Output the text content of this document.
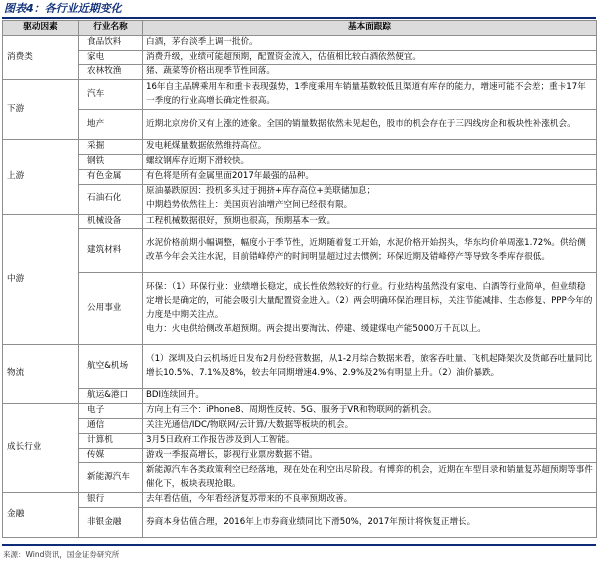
图表4：各行业近期变化
驱动因素	行业名称	基本面跟踪
消费类	食品饮料	白酒，茅台淡季上调一批价。

	家电	消费升级，业绩可能超预期，配置资金流入，估值相比较白酒依然便宜。

	农林牧渔	猪、蔬菜等价格出现季节性回落。

下游	汽车	16年自主品牌乘用车和重卡表现强势，1季度乘用车销量基数较低且渠道有库存的能力，增速可能不会差；重卡17年一季度的行业高增长确定性很高。

	地产	近期北京房价又有上涨的迹象。全国的销量数据依然未见起色，股市的机会存在于三四线房企和板块性补涨机会。

上游	采掘	发电耗煤量数据依然维持高位。

	钢铁	螺纹钢库存近期下滑较快。

	有色金属	有色将是所有金属里面2017年最强的品种。

	石油石化	原油暴跌原因：投机多头过于拥挤+库存高位+美联储加息；
中期趋势依然往上：美国页岩油增产空间已经很有限。

中游	机械设备	工程机械数据很好，预期也很高，预期基本一致。

	建筑材料	水泥价格前期小幅调整，幅度小于季节性，近期随着复工开始，水泥价格开始拐头，华东均价单周涨1.72%。供给侧改革今年会关注水泥，目前错峰停产的时间明显超过过去惯例；环保近期及错峰停产等导致冬季库存很低。

	公用事业	环保：（1）环保行业：业绩增长稳定，成长性依然较好的行业。行业结构虽然没有家电、白酒等行业简单，但业绩稳定增长是确定的，可能会吸引大量配置资金进入。（2）两会明确环保治理目标，关注节能减排、生态修复、PPP今年的力度是中期关注点。
电力：火电供给侧改革超预期。两会提出要淘汰、停建、缓建煤电产能5000万千瓦以上。

物流	航空&机场	（1）深圳及白云机场近日发布2月份经营数据，从1-2月综合数据来看，旅客吞吐量、飞机起降架次及货邮吞吐量同比增长10.5%、7.1%及8%，较去年同期增速4.9%、2.9%及2%有明显上升。（2）油价暴跌。

	航运&港口	BDI连续回升。

成长行业	电子	方向上有三个：iPhone8、周期性反转、5G、服务于VR和物联网的新机会。

	通信	关注光通信/IDC/物联网/云计算/大数据等板块的机会。

	计算机	3月5日政府工作报告涉及到人工智能。

	传媒	游戏一季报高增长，影视行业票房数据不错。

	新能源汽车	新能源汽车各类政策利空已经落地，现在处在利空出尽阶段。有博弈的机会，近期在车型目录和销量复苏超预期等事件催化下，板块表现抢眼。

金融	银行	去年看估值，今年看经济复苏带来的不良率预期改善。

	非银金融	券商本身估值合理，2016年上市券商业绩同比下滑50%，2017年预计将恢复正增长。
来源：Wind资讯，国金证券研究所
